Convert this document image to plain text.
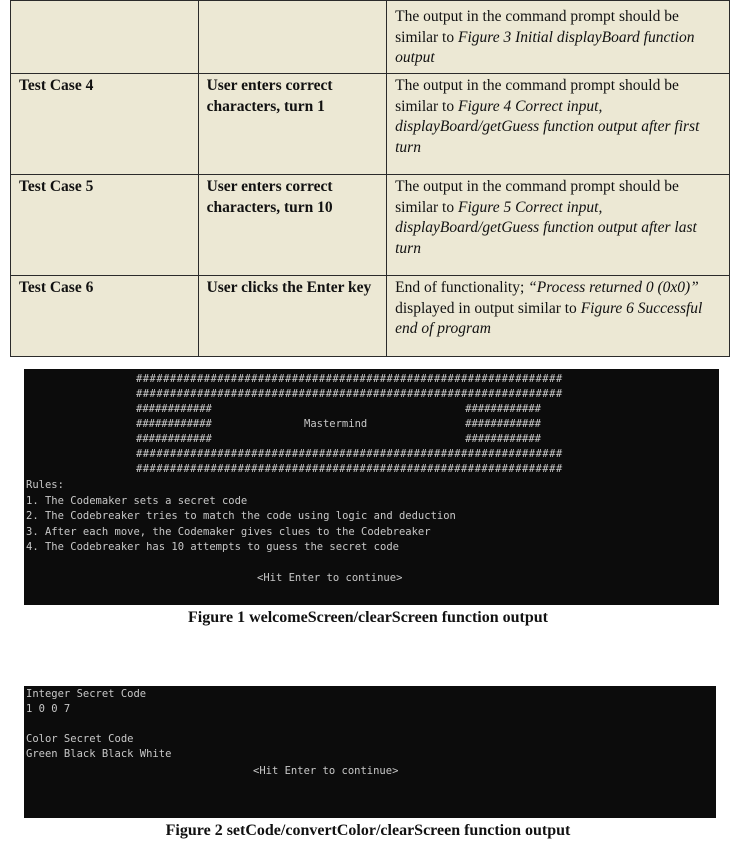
		The output in the command prompt should be similar to Figure 3 Initial displayBoard function output
Test Case 4	User enters correct characters, turn 1	The output in the command prompt should be similar to Figure 4 Correct input, displayBoard/getGuess function output after first turn
Test Case 5	User enters correct characters, turn 10	The output in the command prompt should be similar to Figure 5 Correct input, displayBoard/getGuess function output after last turn
Test Case 6	User clicks the Enter key	End of functionality; “Process returned 0 (0x0)” displayed in output similar to Figure 6 Successful end of program
###############################################################
###############################################################
############	############
############	Mastermind	############
############	############
###############################################################
###############################################################
Rules:
1. The Codemaker sets a secret code
2. The Codebreaker tries to match the code using logic and deduction
3. After each move, the Codemaker gives clues to the Codebreaker
4. The Codebreaker has 10 attempts to guess the secret code
<Hit Enter to continue>
Figure 1 welcomeScreen/clearScreen function output
Integer Secret Code
1 0 0 7
Color Secret Code
Green Black Black White
<Hit Enter to continue>
Figure 2 setCode/convertColor/clearScreen function output
